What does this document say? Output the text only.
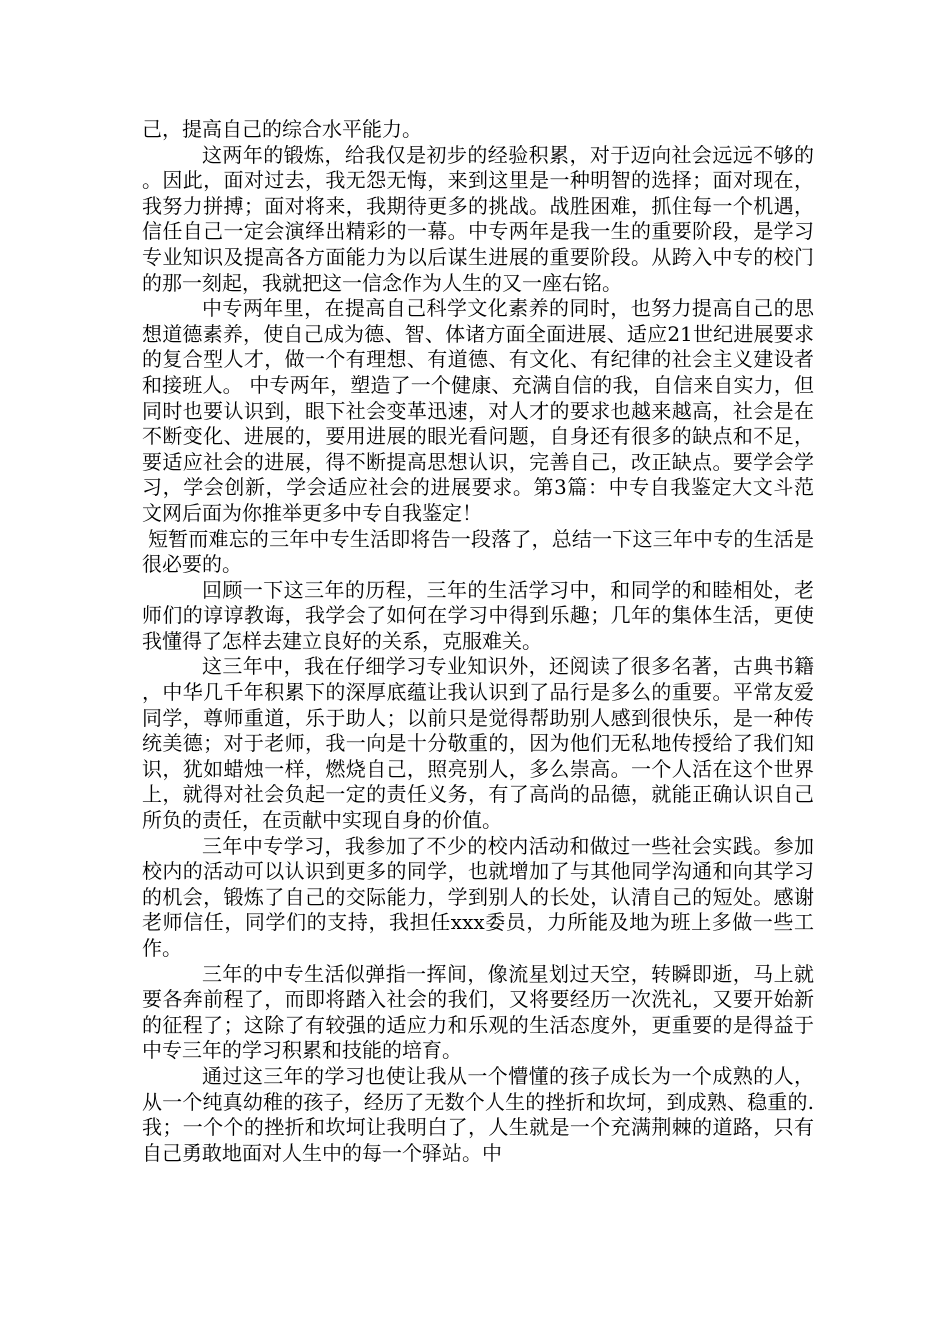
己，提高自己的综合水平能力。

这两年的锻炼，给我仅是初步的经验积累，对于迈向社会远远不够的。因此，面对过去，我无怨无悔，来到这里是一种明智的选择；面对现在，我努力拼搏；面对将来，我期待更多的挑战。战胜困难，抓住每一个机遇，信任自己一定会演绎出精彩的一幕。中专两年是我一生的重要阶段，是学习专业知识及提高各方面能力为以后谋生进展的重要阶段。从跨入中专的校门的那一刻起，我就把这一信念作为人生的又一座右铭。

中专两年里，在提高自己科学文化素养的同时，也努力提高自己的思想道德素养，使自己成为德、智、体诸方面全面进展、适应21世纪进展要求的复合型人才，做一个有理想、有道德、有文化、有纪律的社会主义建设者和接班人。 中专两年，塑造了一个健康、充满自信的我，自信来自实力，但同时也要认识到，眼下社会变革迅速，对人才的要求也越来越高，社会是在不断变化、进展的，要用进展的眼光看问题，自身还有很多的缺点和不足，要适应社会的进展，得不断提高思想认识，完善自己，改正缺点。要学会学习，学会创新，学会适应社会的进展要求。第3篇：中专自我鉴定大文斗范文网后面为你推举更多中专自我鉴定！

短暂而难忘的三年中专生活即将告一段落了，总结一下这三年中专的生活是很必要的。

回顾一下这三年的历程，三年的生活学习中，和同学的和睦相处，老师们的谆谆教诲，我学会了如何在学习中得到乐趣；几年的集体生活，更使我懂得了怎样去建立良好的关系，克服难关。

这三年中，我在仔细学习专业知识外，还阅读了很多名著，古典书籍，中华几千年积累下的深厚底蕴让我认识到了品行是多么的重要。平常友爱同学，尊师重道，乐于助人；以前只是觉得帮助别人感到很快乐，是一种传统美德；对于老师，我一向是十分敬重的，因为他们无私地传授给了我们知识，犹如蜡烛一样，燃烧自己，照亮别人，多么崇高。一个人活在这个世界上，就得对社会负起一定的责任义务，有了高尚的品德，就能正确认识自己所负的责任，在贡献中实现自身的价值。

三年中专学习，我参加了不少的校内活动和做过一些社会实践。参加校内的活动可以认识到更多的同学，也就增加了与其他同学沟通和向其学习的机会，锻炼了自己的交际能力，学到别人的长处，认清自己的短处。感谢老师信任，同学们的支持，我担任xxx委员，力所能及地为班上多做一些工作。

三年的中专生活似弹指一挥间，像流星划过天空，转瞬即逝，马上就要各奔前程了，而即将踏入社会的我们，又将要经历一次洗礼，又要开始新的征程了；这除了有较强的适应力和乐观的生活态度外，更重要的是得益于中专三年的学习积累和技能的培育。

通过这三年的学习也使让我从一个懵懂的孩子成长为一个成熟的人，从一个纯真幼稚的孩子，经历了无数个人生的挫折和坎坷，到成熟、稳重的.我；一个个的挫折和坎坷让我明白了，人生就是一个充满荆棘的道路，只有自己勇敢地面对人生中的每一个驿站。中
